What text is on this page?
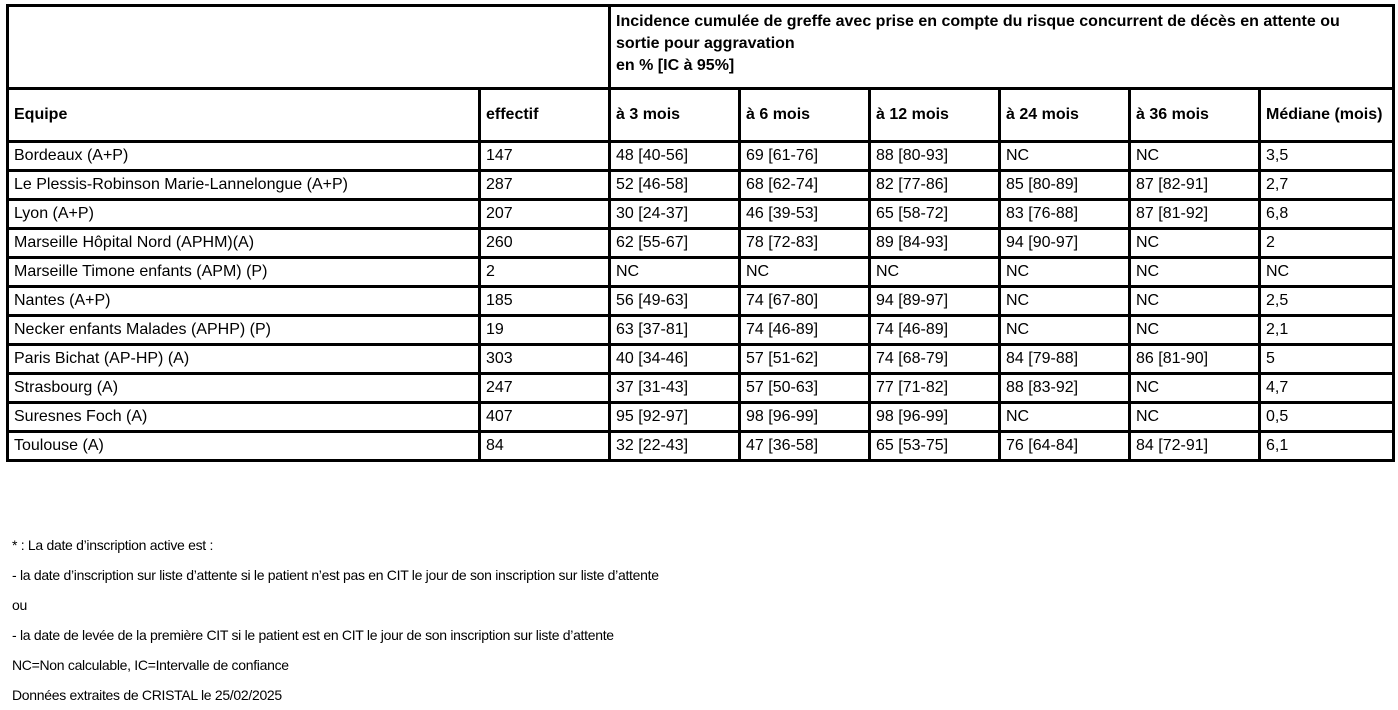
		Incidence cumulée de greffe avec prise en compte du risque concurrent de décès en attente ou sortie pour aggravation
en % [IC à 95%]					
Equipe	effectif	à 3 mois	à 6 mois	à 12 mois	à 24 mois	à 36 mois	Médiane (mois)
Bordeaux (A+P)	147	48 [40-56]	69 [61-76]	88 [80-93]	NC	NC	3,5
Le Plessis-Robinson Marie-Lannelongue (A+P)	287	52 [46-58]	68 [62-74]	82 [77-86]	85 [80-89]	87 [82-91]	2,7
Lyon (A+P)	207	30 [24-37]	46 [39-53]	65 [58-72]	83 [76-88]	87 [81-92]	6,8
Marseille Hôpital Nord (APHM)(A)	260	62 [55-67]	78 [72-83]	89 [84-93]	94 [90-97]	NC	2
Marseille Timone enfants (APM) (P)	2	NC	NC	NC	NC	NC	NC
Nantes (A+P)	185	56 [49-63]	74 [67-80]	94 [89-97]	NC	NC	2,5
Necker enfants Malades (APHP) (P)	19	63 [37-81]	74 [46-89]	74 [46-89]	NC	NC	2,1
Paris Bichat (AP-HP) (A)	303	40 [34-46]	57 [51-62]	74 [68-79]	84 [79-88]	86 [81-90]	5
Strasbourg (A)	247	37 [31-43]	57 [50-63]	77 [71-82]	88 [83-92]	NC	4,7
Suresnes Foch (A)	407	95 [92-97]	98 [96-99]	98 [96-99]	NC	NC	0,5
Toulouse (A)	84	32 [22-43]	47 [36-58]	65 [53-75]	76 [64-84]	84 [72-91]	6,1
* : La date d’inscription active est :
- la date d’inscription sur liste d’attente si le patient n’est pas en CIT le jour de son inscription sur liste d’attente
ou
- la date de levée de la première CIT si le patient est en CIT le jour de son inscription sur liste d’attente
NC=Non calculable, IC=Intervalle de confiance
Données extraites de CRISTAL le 25/02/2025
